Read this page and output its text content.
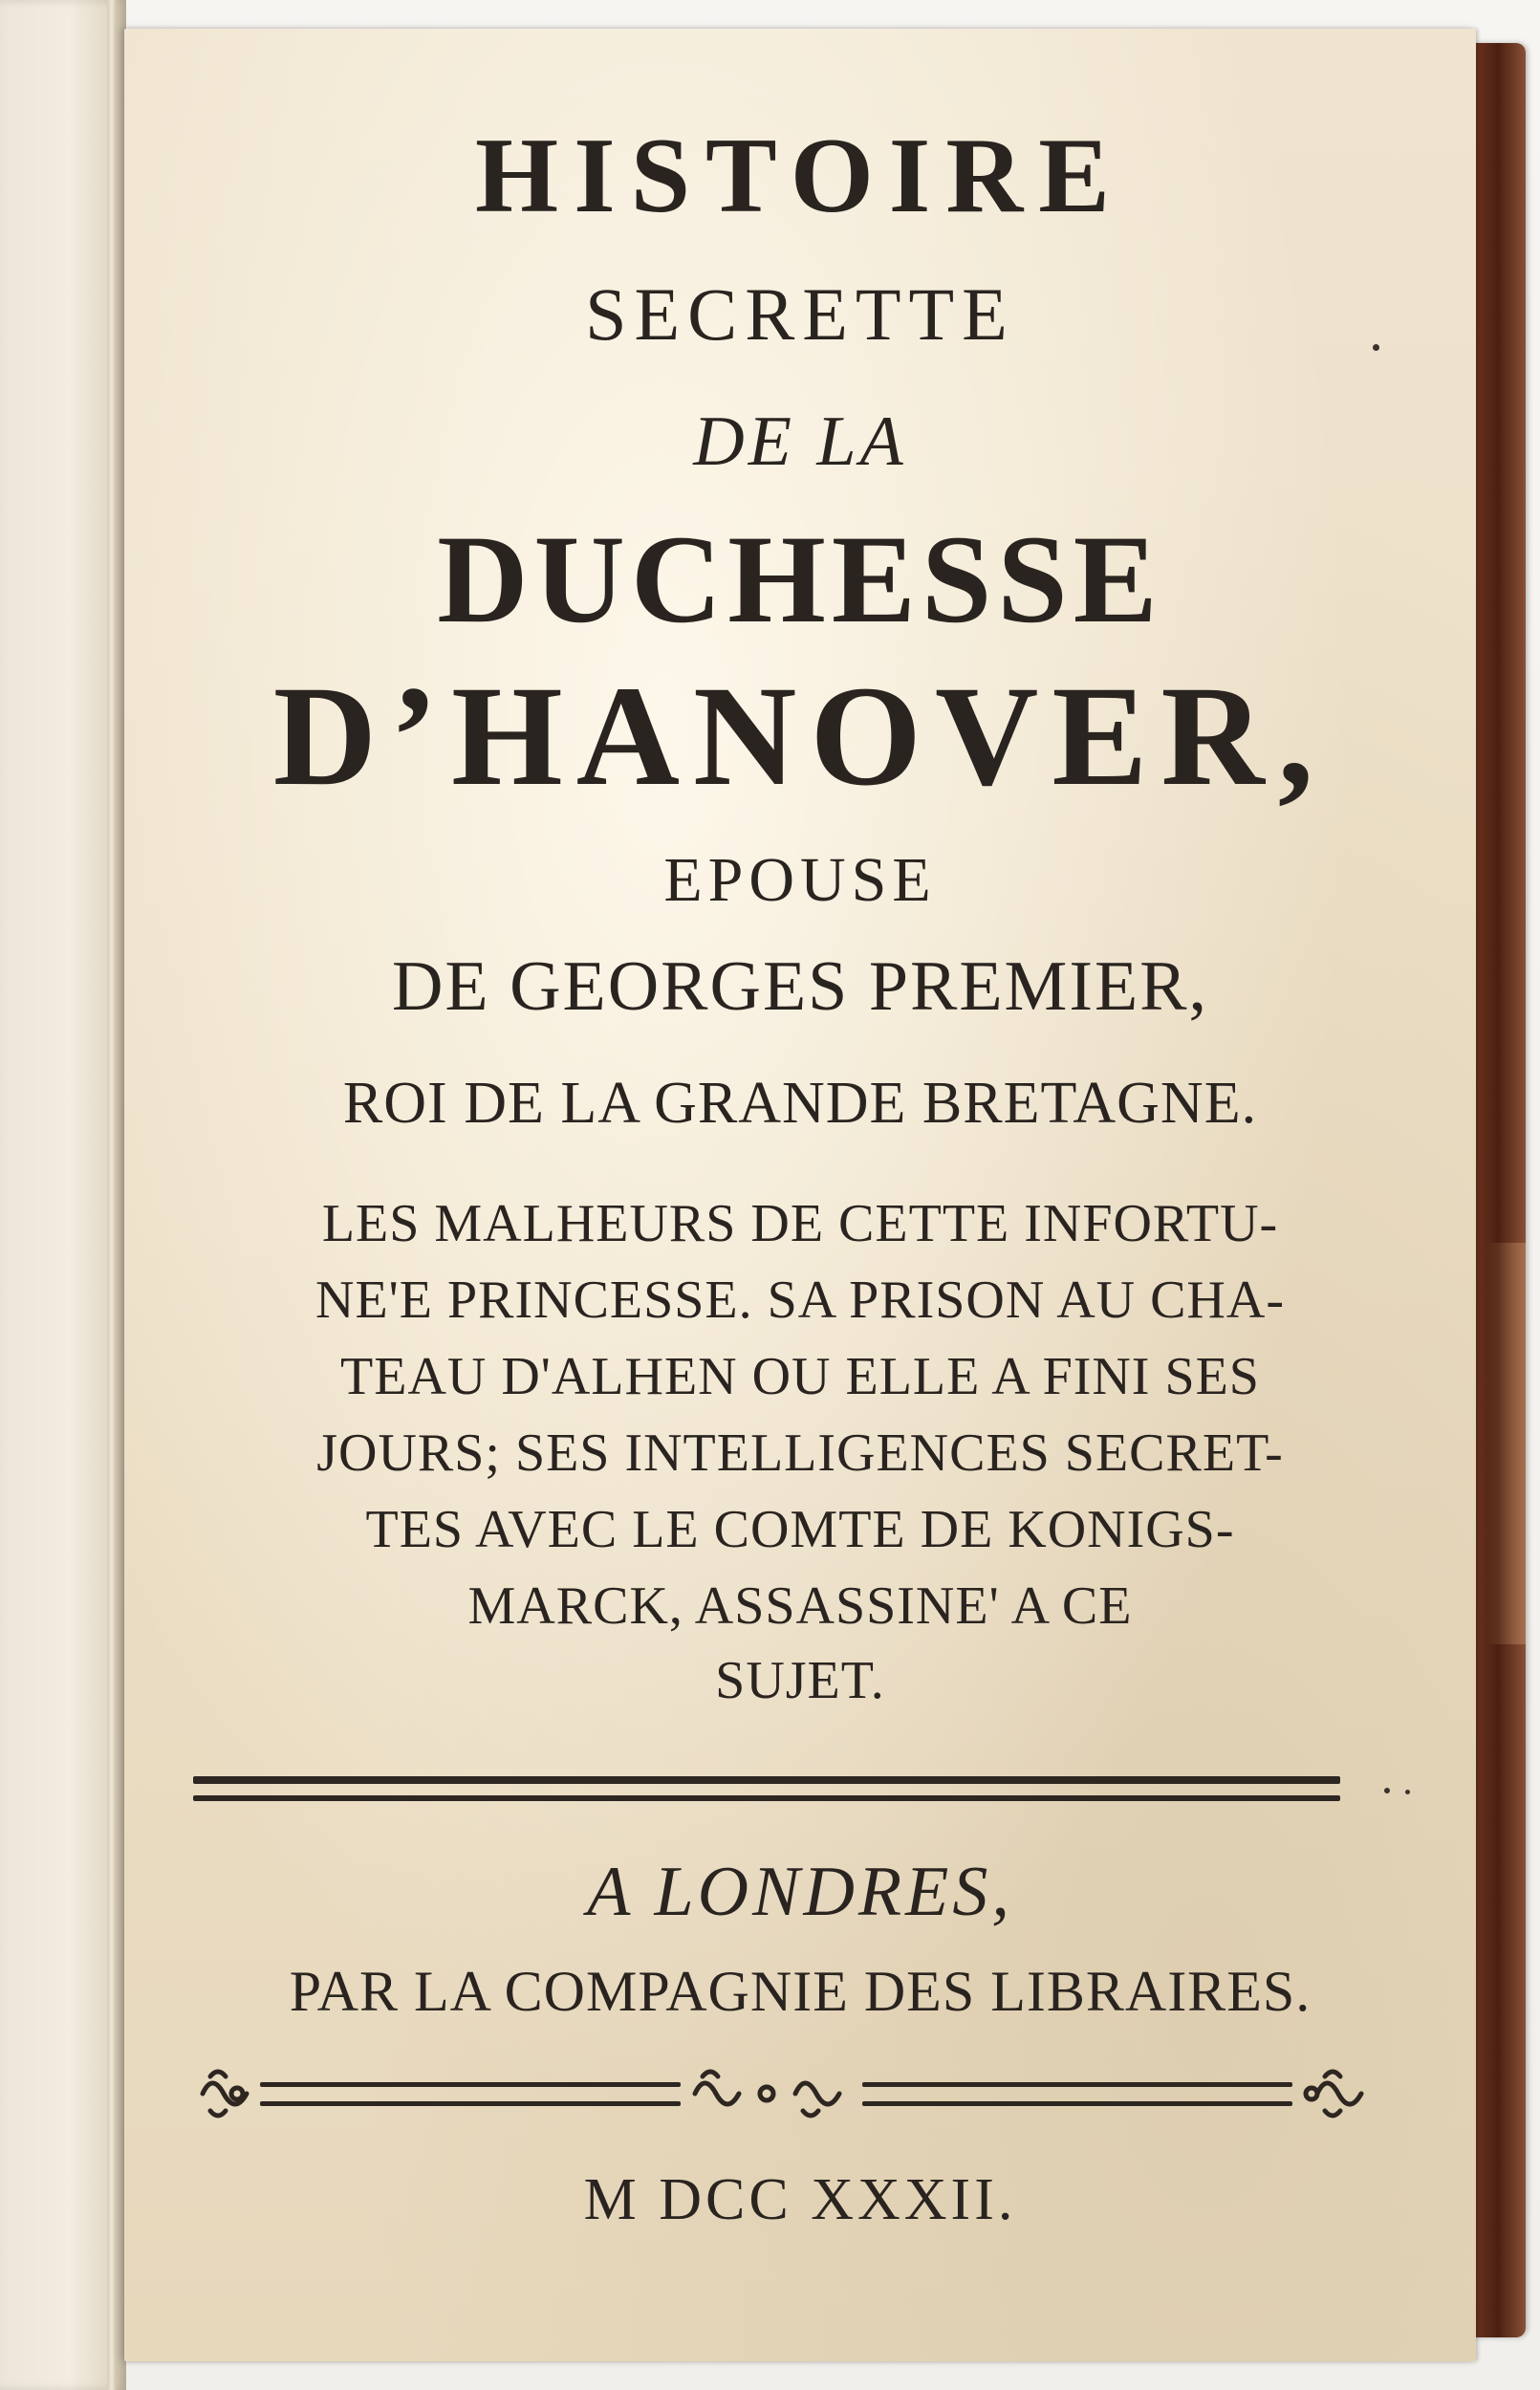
HISTOIRE

SECRETTE

DE LA

DUCHESSE

D’HANOVER,

EPOUSE

DE GEORGES PREMIER,

ROI DE LA GRANDE BRETAGNE.

LES MALHEURS DE CETTE INFORTU-

NE'E PRINCESSE. SA PRISON AU CHA-

TEAU D'ALHEN OU ELLE A FINI SES

JOURS; SES INTELLIGENCES SECRET-

TES AVEC LE COMTE DE KONIGS-

MARCK, ASSASSINE' A CE

SUJET.

A LONDRES,

PAR LA COMPAGNIE DES LIBRAIRES.

M DCC XXXII.
